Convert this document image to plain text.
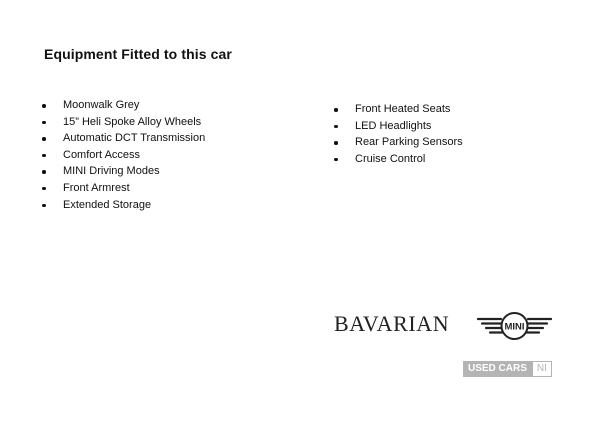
Equipment Fitted to this car
Moonwalk Grey
15” Heli Spoke Alloy Wheels
Automatic DCT Transmission
Comfort Access
MINI Driving Modes
Front Armrest
Extended Storage
Front Heated Seats
LED Headlights
Rear Parking Sensors
Cruise Control
BAVARIAN	MINI
USED CARS	NI
